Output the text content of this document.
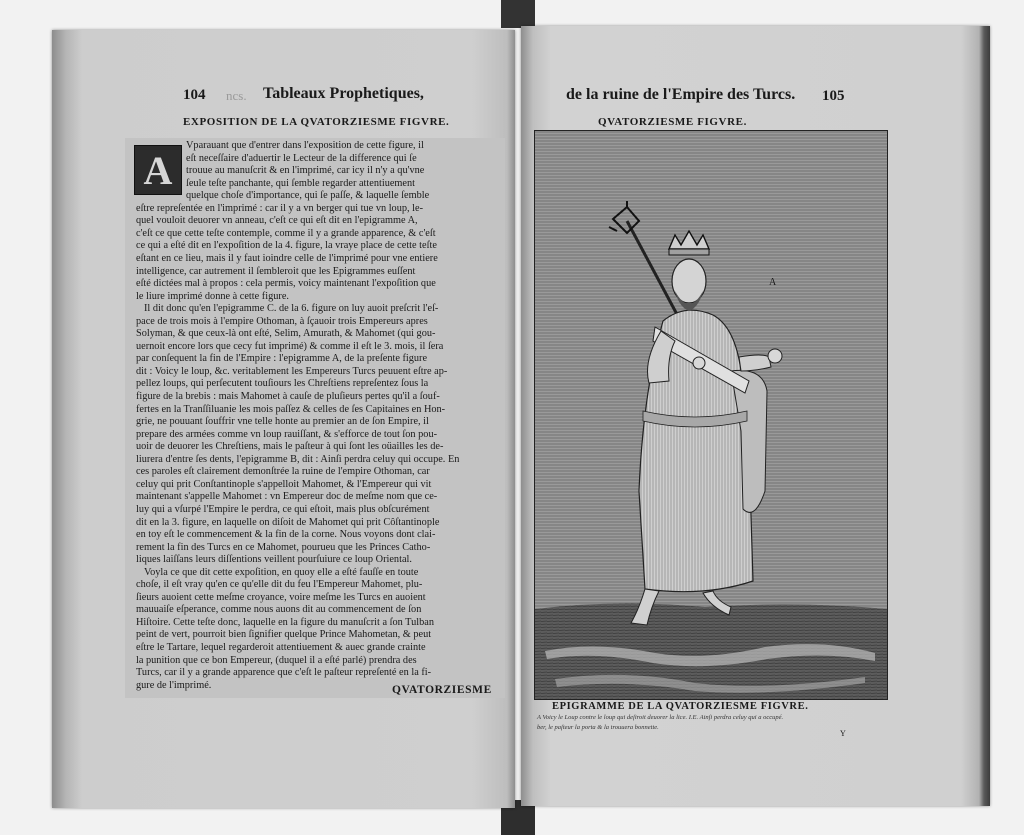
104	Tableaux Prophetiques,
ncs.
EXPOSITION DE LA QVATORZIESME FIGVRE.
A
Vparauant que d'entrer dans l'exposition de cette figure, il
eſt neceſſaire d'aduertir le Lecteur de la difference qui ſe
trouue au manuſcrit & en l'imprimé, car icy il n'y a qu'vne
ſeule teſte panchante, qui ſemble regarder attentiuement
quelque choſe d'importance, qui ſe paſſe, & laquelle ſemble
eſtre repreſentée en l'imprimé : car il y a vn berger qui tue vn loup, le-
quel vouloit deuorer vn anneau, c'eſt ce qui eſt dit en l'epigramme A,
c'eſt ce que cette teſte contemple, comme il y a grande apparence, & c'eſt
ce qui a eſté dit en l'expoſition de la 4. figure, la vraye place de cette teſte
eſtant en ce lieu, mais il y faut ioindre celle de l'imprimé pour vne entiere
intelligence, car autrement il ſembleroit que les Epigrammes euſſent
eſté dictées mal à propos : cela permis, voicy maintenant l'expoſition que
le liure imprimé donne à cette figure.
Il dit donc qu'en l'epigramme C. de la 6. figure on luy auoit preſcrit l'eſ-
pace de trois mois à l'empire Othoman, à ſçauoir trois Empereurs apres
Solyman, & que ceux-là ont eſté, Selim, Amurath, & Mahomet (qui gou-
uernoit encore lors que cecy fut imprimé) & comme il eſt le 3. mois, il ſera
par conſequent la fin de l'Empire : l'epigramme A, de la preſente figure
dit : Voicy le loup, &c. veritablement les Empereurs Turcs peuuent eſtre ap-
pellez loups, qui perſecutent touſiours les Chreſtiens repreſentez ſous la
figure de la brebis : mais Mahomet à cauſe de pluſieurs pertes qu'il a ſouf-
fertes en la Tranſſiluanie les mois paſſez & celles de ſes Capitaines en Hon-
grie, ne pouuant ſouffrir vne telle honte au premier an de ſon Empire, il
prepare des armées comme vn loup rauiſſant, & s'efforce de tout ſon pou-
uoir de deuorer les Chreſtiens, mais le paſteur à qui ſont les oüailles les de-
liurera d'entre ſes dents, l'epigramme B, dit : Ainſi perdra celuy qui occupe. En
ces paroles eſt clairement demonſtrée la ruine de l'empire Othoman, car
celuy qui prit Conſtantinople s'appelloit Mahomet, & l'Empereur qui vit
maintenant s'appelle Mahomet : vn Empereur doc de meſme nom que ce-
luy qui a vſurpé l'Empire le perdra, ce qui eſtoit, mais plus obſcurément
dit en la 3. figure, en laquelle on diſoit de Mahomet qui prit Côſtantinople
en toy eſt le commencement & la fin de la corne. Nous voyons dont clai-
rement la fin des Turcs en ce Mahomet, pourueu que les Princes Catho-
liques laiſſans leurs diſſentions veillent pourſuiure ce loup Oriental.
Voyla ce que dit cette expoſition, en quoy elle a eſté fauſſe en toute
choſe, il eſt vray qu'en ce qu'elle dit du feu l'Empereur Mahomet, plu-
ſieurs auoient cette meſme croyance, voire meſme les Turcs en auoient
mauuaiſe eſperance, comme nous auons dit au commencement de ſon
Hiſtoire. Cette teſte donc, laquelle en la figure du manuſcrit a ſon Tulban
peint de vert, pourroit bien ſignifier quelque Prince Mahometan, & peut
eſtre le Tartare, lequel regarderoit attentiuement & auec grande crainte
la punition que ce bon Empereur, (duquel il a eſté parlé) prendra des
Turcs, car il y a grande apparence que c'eſt le paſteur repreſenté en la fi-
gure de l'imprimé.	QVATORZIESME
de la ruine de l'Empire des Turcs. 105
QVATORZIESME FIGVRE.
A
EPIGRAMME DE LA QVATORZIESME FIGVRE.
A Voicy le Loup contre le loup qui deſiroit deuorer la lice. I.E. Ainſi perdra celuy qui a occupé.
ber, le paſteur la porta & la trouuera bonnette.
Y
